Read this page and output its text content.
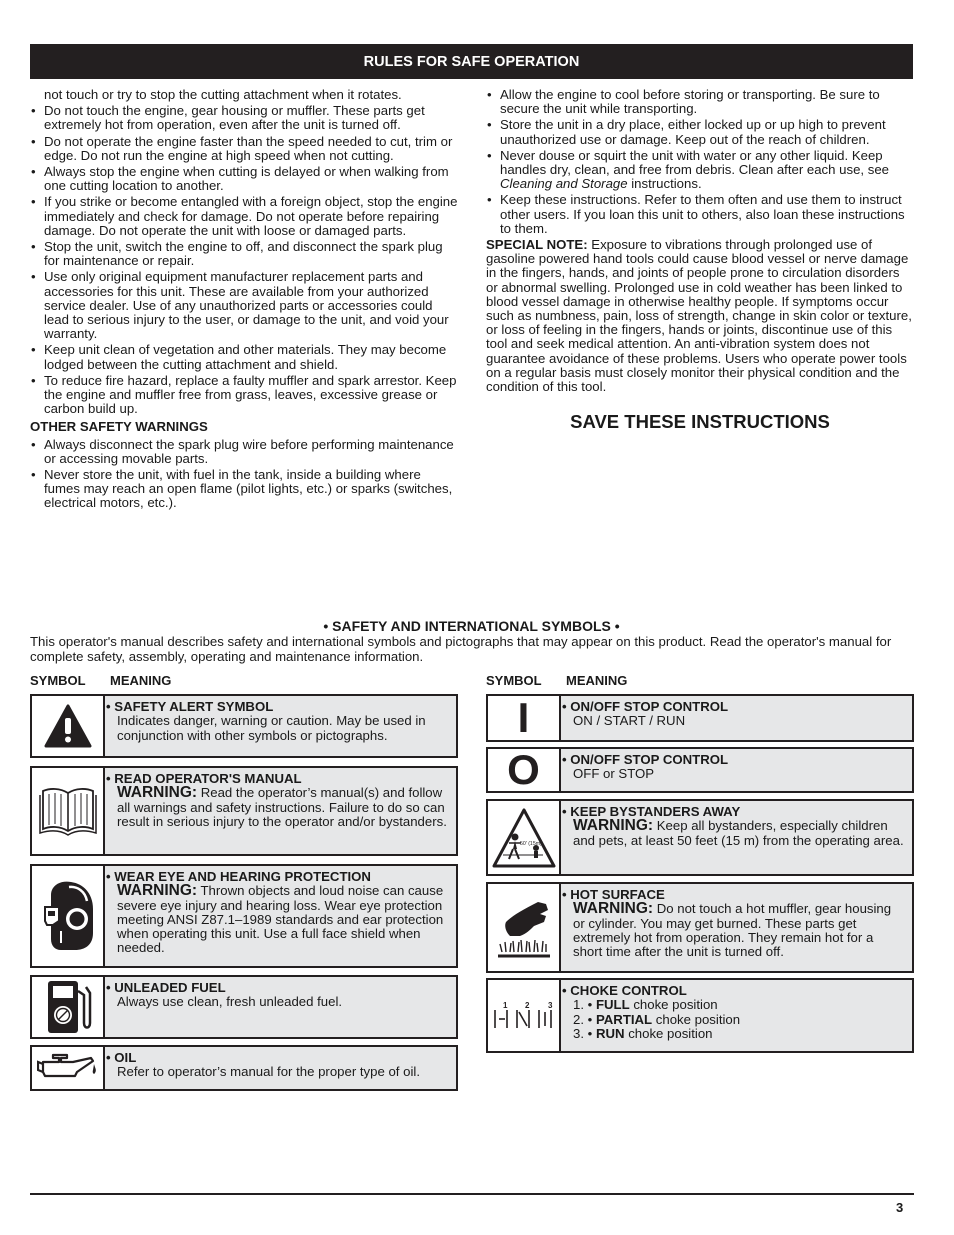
RULES FOR SAFE OPERATION
not touch or try to stop the cutting attachment when it rotates.
• Do not touch the engine, gear housing or muffler. These parts get extremely hot from operation, even after the unit is turned off.
• Do not operate the engine faster than the speed needed to cut, trim or edge. Do not run the engine at high speed when not cutting.
• Always stop the engine when cutting is delayed or when walking from one cutting location to another.
• If you strike or become entangled with a foreign object, stop the engine immediately and check for damage. Do not operate before repairing damage. Do not operate the unit with loose or damaged parts.
• Stop the unit, switch the engine to off, and disconnect the spark plug for maintenance or repair.
• Use only original equipment manufacturer replacement parts and accessories for this unit. These are available from your authorized service dealer. Use of any unauthorized parts or accessories could lead to serious injury to the user, or damage to the unit, and void your warranty.
• Keep unit clean of vegetation and other materials. They may become lodged between the cutting attachment and shield.
• To reduce fire hazard, replace a faulty muffler and spark arrestor. Keep the engine and muffler free from grass, leaves, excessive grease or carbon build up.
OTHER SAFETY WARNINGS
• Always disconnect the spark plug wire before performing maintenance or accessing movable parts.
• Never store the unit, with fuel in the tank, inside a building where fumes may reach an open flame (pilot lights, etc.) or sparks (switches, electrical motors, etc.).
• Allow the engine to cool before storing or transporting. Be sure to secure the unit while transporting.
• Store the unit in a dry place, either locked up or up high to prevent unauthorized use or damage. Keep out of the reach of children.
• Never douse or squirt the unit with water or any other liquid. Keep handles dry, clean, and free from debris. Clean after each use, see Cleaning and Storage instructions.
• Keep these instructions. Refer to them often and use them to instruct other users. If you loan this unit to others, also loan these instructions to them.
SPECIAL NOTE: Exposure to vibrations through prolonged use of gasoline powered hand tools could cause blood vessel or nerve damage in the fingers, hands, and joints of people prone to circulation disorders or abnormal swelling. Prolonged use in cold weather has been linked to blood vessel damage in otherwise healthy people. If symptoms occur such as numbness, pain, loss of strength, change in skin color or texture, or loss of feeling in the fingers, hands or joints, discontinue use of this tool and seek medical attention. An anti-vibration system does not guarantee avoidance of these problems. Users who operate power tools on a regular basis must closely monitor their physical condition and the condition of this tool.
SAVE THESE INSTRUCTIONS
• SAFETY AND INTERNATIONAL SYMBOLS •
This operator's manual describes safety and international symbols and pictographs that may appear on this product. Read the operator's manual for complete safety, assembly, operating and maintenance information.
SYMBOL MEANING	SYMBOL MEANING
• SAFETY ALERT SYMBOL
Indicates danger, warning or caution. May be used in conjunction with other symbols or pictographs.
• READ OPERATOR'S MANUAL
WARNING: Read the operator’s manual(s) and follow all warnings and safety instructions. Failure to do so can result in serious injury to the operator and/or bystanders.
• WEAR EYE AND HEARING PROTECTION
WARNING: Thrown objects and loud noise can cause severe eye injury and hearing loss. Wear eye protection meeting ANSI Z87.1–1989 standards and ear protection when operating this unit. Use a full face shield when needed.
• UNLEADED FUEL
Always use clean, fresh unleaded fuel.
• OIL
Refer to operator’s manual for the proper type of oil.
I • ON/OFF STOP CONTROL
ON / START / RUN
O • ON/OFF STOP CONTROL
OFF or STOP
50' (15m)
• KEEP BYSTANDERS AWAY
WARNING: Keep all bystanders, especially children and pets, at least 50 feet (15 m) from the operating area.
• HOT SURFACE
WARNING: Do not touch a hot muffler, gear housing or cylinder. You may get burned. These parts get extremely hot from operation. They remain hot for a short time after the unit is turned off.
1 2 3
• CHOKE CONTROL
1. • FULL choke position
2. • PARTIAL choke position
3. • RUN choke position
3
